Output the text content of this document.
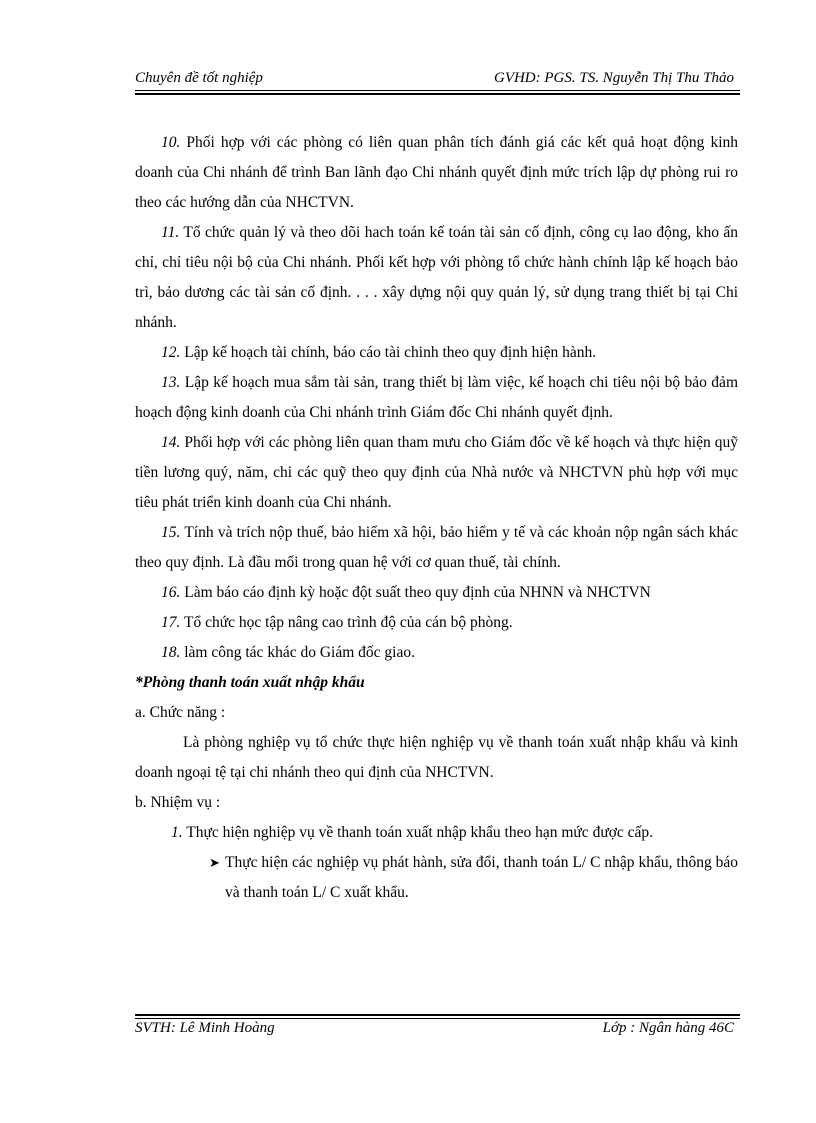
Chuyên đề tốt nghiệp	GVHD: PGS. TS. Nguyễn Thị Thu Thảo

10. Phối hợp với các phòng có liên quan phân tích đánh giá các kết quả hoạt động kinh doanh của Chi nhánh để trình Ban lãnh đạo Chi nhánh quyết định mức trích lập dự phòng rui ro theo các hướng dẫn của NHCTVN.

11. Tổ chức quản lý và theo dõi hach toán kế toán tài sản cố định, công cụ lao động, kho ấn chỉ, chỉ tiêu nội bộ của Chi nhánh. Phối kết hợp với phòng tổ chức hành chính lập kế hoạch bảo trì, bảo dương các tài sản cố định. . . . xây dựng nội quy quản lý, sử dụng trang thiết bị tại Chi nhánh.

12. Lập kế hoạch tài chính, báo cáo tài chinh theo quy định hiện hành.

13. Lập kế hoạch mua sắm tài sản, trang thiết bị làm việc, kế hoạch chi tiêu nội bộ bảo đảm hoạch động kinh doanh của Chi nhánh trình Giám đốc Chi nhánh quyết định.

14. Phối hợp với các phòng liên quan tham mưu cho Giám đốc về kế hoạch và thực hiện quỹ tiền lương quý, năm, chi các quỹ theo quy định của Nhà nước và NHCTVN phù hợp với mục tiêu phát triển kinh doanh của Chi nhánh.

15. Tính và trích nộp thuế, bảo hiểm xã hội, bảo hiểm y tế và các khoản nộp ngân sách khác theo quy định. Là đầu mối trong quan hệ với cơ quan thuế, tài chính.

16. Làm báo cáo định kỳ hoặc đột suất theo quy định của NHNN và NHCTVN

17. Tổ chức học tập nâng cao trình độ của cán bộ phòng.

18. làm công tác khác do Giám đốc giao.

*Phòng thanh toán xuất nhập khẩu

a. Chức năng :

Là phòng nghiệp vụ tổ chức thực hiện nghiệp vụ về thanh toán xuất nhập khẩu và kinh doanh ngoại tệ tại chi nhánh theo qui định của NHCTVN.

b. Nhiệm vụ :

1. Thực hiện nghiệp vụ về thanh toán xuất nhập khẩu theo hạn mức được cấp.

➤ Thực hiện các nghiệp vụ phát hành, sửa đổi, thanh toán L/ C nhập khẩu, thông báo và thanh toán L/ C xuất khẩu.

SVTH: Lê Minh Hoàng	Lớp : Ngân hàng 46C
